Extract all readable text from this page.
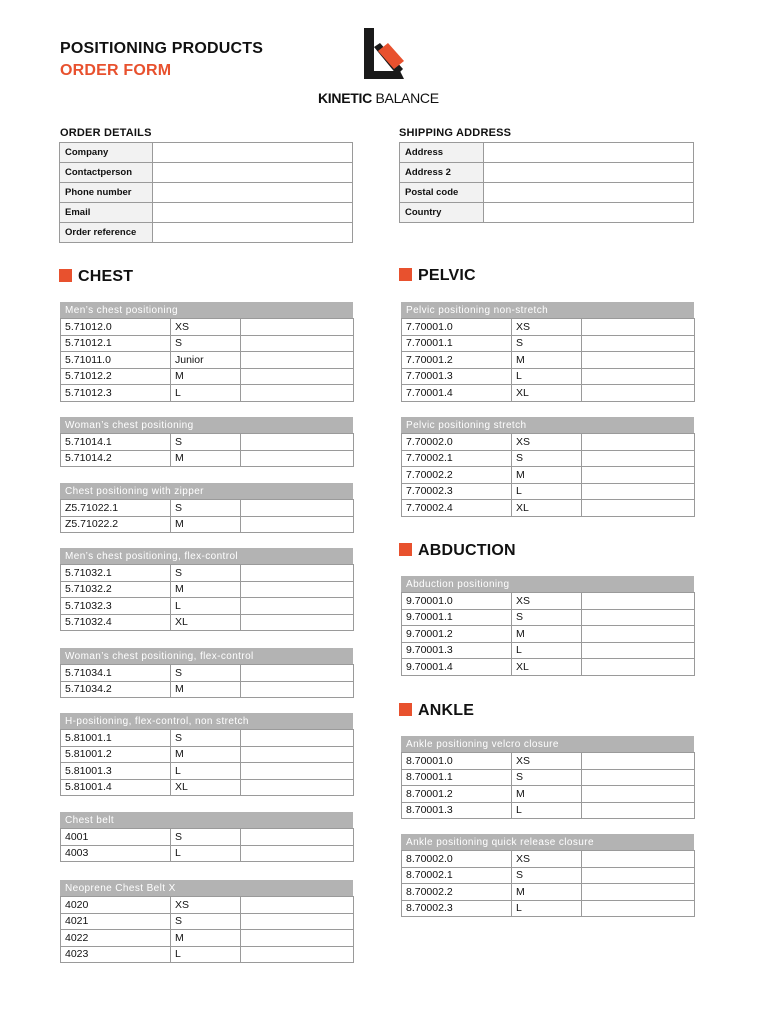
POSITIONING PRODUCTS
ORDER FORM
KINETIC BALANCE
ORDER DETAILS
Company	
Contactperson	
Phone number	
Email	
Order reference	
SHIPPING ADDRESS
Address	
Address 2	
Postal code	
Country	
CHEST	PELVIC
ABDUCTION
ANKLE
Men’s chest positioning
5.71012.0	XS	
5.71012.1	S	
5.71011.0	Junior	
5.71012.2	M	
5.71012.3	L	
Woman’s chest positioning
5.71014.1	S	
5.71014.2	M	
Chest positioning with zipper
Z5.71022.1	S	
Z5.71022.2	M	
Men’s chest positioning, flex-control
5.71032.1	S	
5.71032.2	M	
5.71032.3	L	
5.71032.4	XL	
Woman’s chest positioning, flex-control
5.71034.1	S	
5.71034.2	M	
H-positioning, flex-control, non stretch
5.81001.1	S	
5.81001.2	M	
5.81001.3	L	
5.81001.4	XL	
Chest belt
4001	S	
4003	L	
Neoprene Chest Belt X
4020	XS	
4021	S	
4022	M	
4023	L	
Pelvic positioning non-stretch
7.70001.0	XS	
7.70001.1	S	
7.70001.2	M	
7.70001.3	L	
7.70001.4	XL	
Pelvic positioning stretch
7.70002.0	XS	
7.70002.1	S	
7.70002.2	M	
7.70002.3	L	
7.70002.4	XL	
Abduction positioning
9.70001.0	XS	
9.70001.1	S	
9.70001.2	M	
9.70001.3	L	
9.70001.4	XL	
Ankle positioning velcro closure
8.70001.0	XS	
8.70001.1	S	
8.70001.2	M	
8.70001.3	L	
Ankle positioning quick release closure
8.70002.0	XS	
8.70002.1	S	
8.70002.2	M	
8.70002.3	L	
